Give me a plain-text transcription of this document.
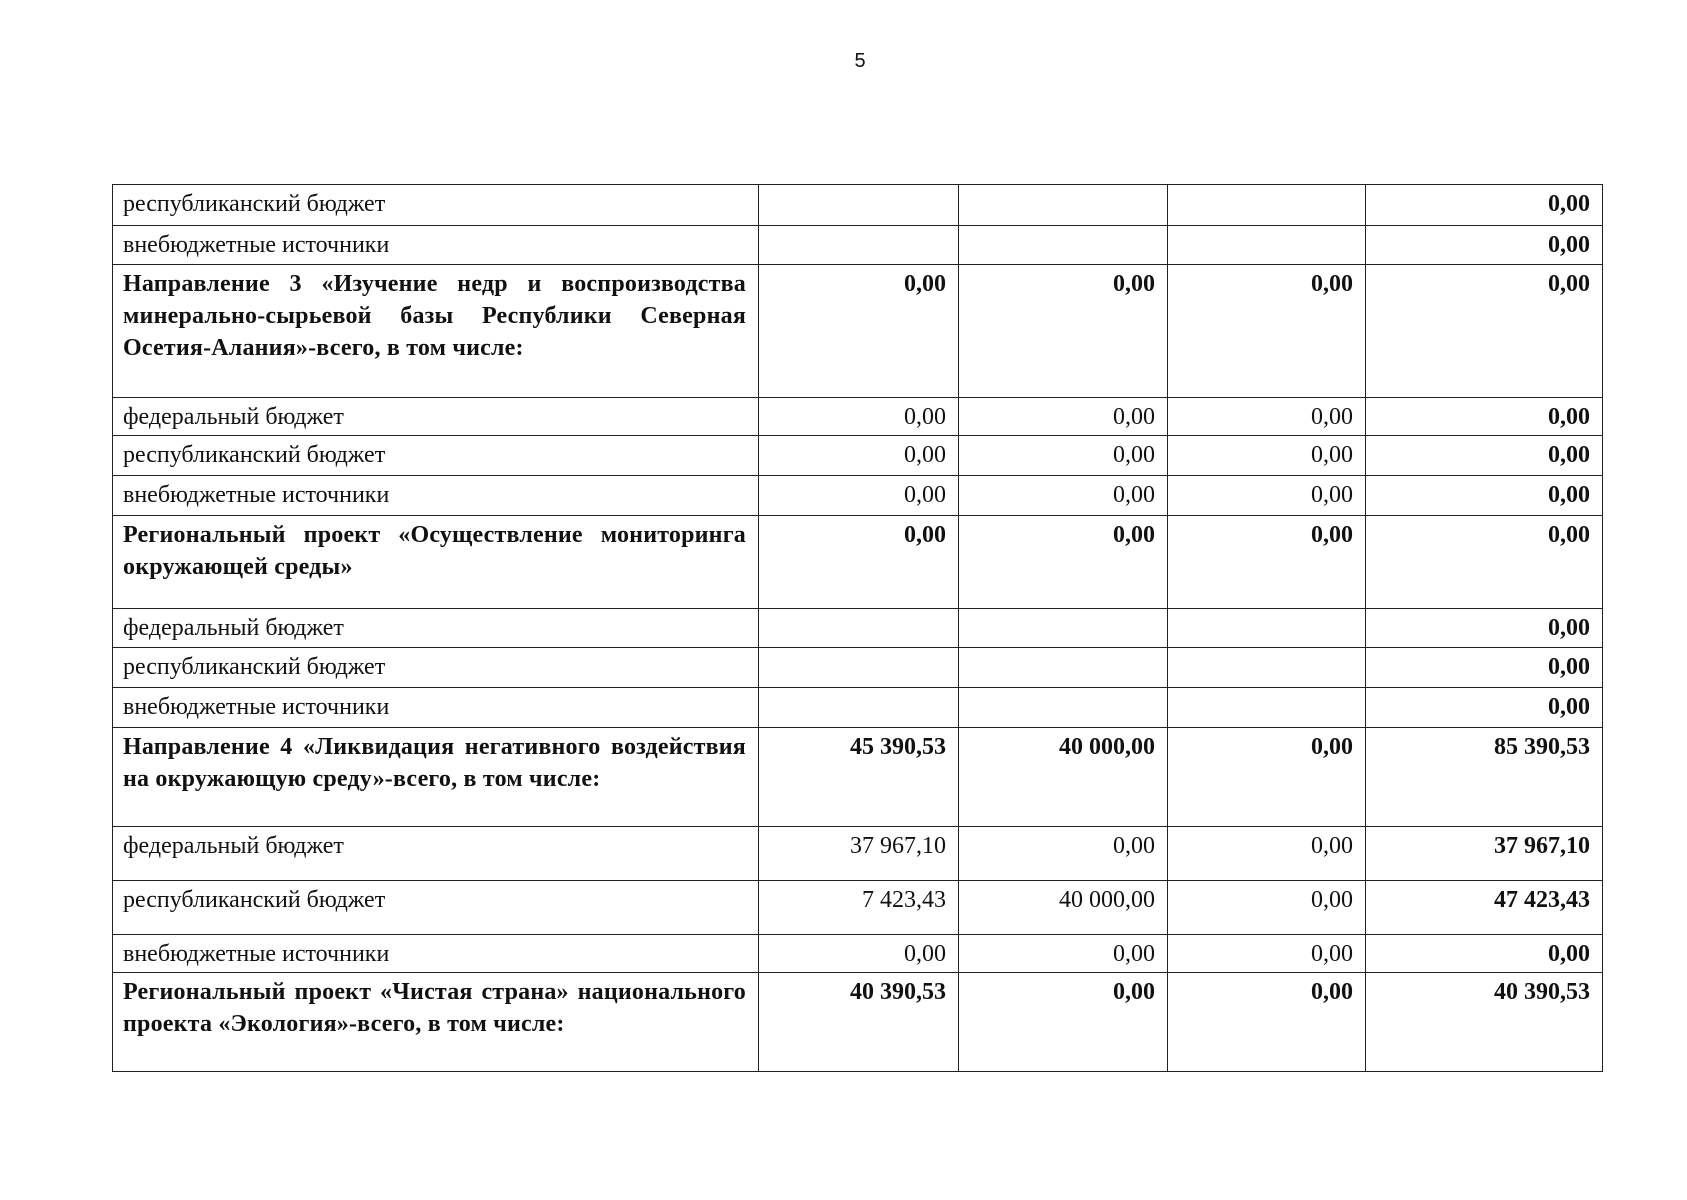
5
республиканский бюджет				0,00
внебюджетные источники				0,00
Направление 3 «Изучение недр и воспроизводства минерально-сырьевой базы Республики Северная Осетия-Алания»-всего, в том числе:	0,00	0,00	0,00	0,00
федеральный бюджет	0,00	0,00	0,00	0,00
республиканский бюджет	0,00	0,00	0,00	0,00
внебюджетные источники	0,00	0,00	0,00	0,00
Региональный проект «Осуществление мониторинга окружающей среды»	0,00	0,00	0,00	0,00
федеральный бюджет				0,00
республиканский бюджет				0,00
внебюджетные источники				0,00
Направление 4 «Ликвидация негативного воздействия на окружающую среду»-всего, в том числе:	45 390,53	40 000,00	0,00	85 390,53
федеральный бюджет	37 967,10	0,00	0,00	37 967,10
республиканский бюджет	7 423,43	40 000,00	0,00	47 423,43
внебюджетные источники	0,00	0,00	0,00	0,00
Региональный проект «Чистая страна» национального проекта «Экология»-всего, в том числе:	40 390,53	0,00	0,00	40 390,53
